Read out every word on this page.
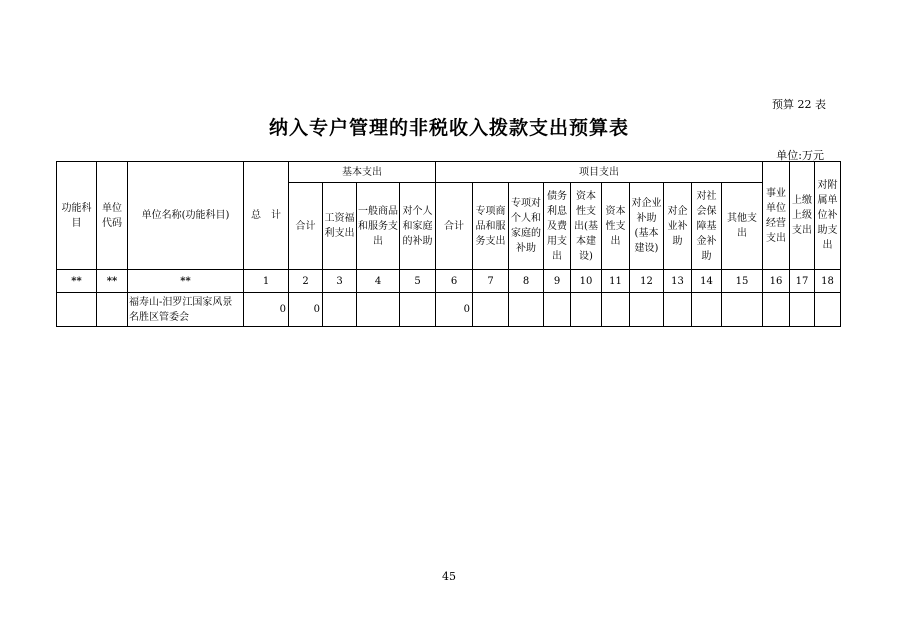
预算 22 表
纳入专户管理的非税收入拨款支出预算表
单位:万元
功能科目	单位代码	单位名称(功能科目)	总　计	基本支出				项目支出										事业单位经营支出	上缴上级支出	对附属单位补助支出
				合计	工资福利支出	一般商品和服务支出	对个人和家庭的补助	合计	专项商品和服务支出	专项对个人和家庭的补助	债务利息及费用支出	资本性支出(基本建设)	资本性支出	对企业补助(基本建设)	对企业补助	对社会保障基金补助	其他支出			
**	**	**	1	2	3	4	5	6	7	8	9	10	11	12	13	14	15	16	17	18
		福寿山-汨罗江国家风景名胜区管委会	0	0				0												
45
